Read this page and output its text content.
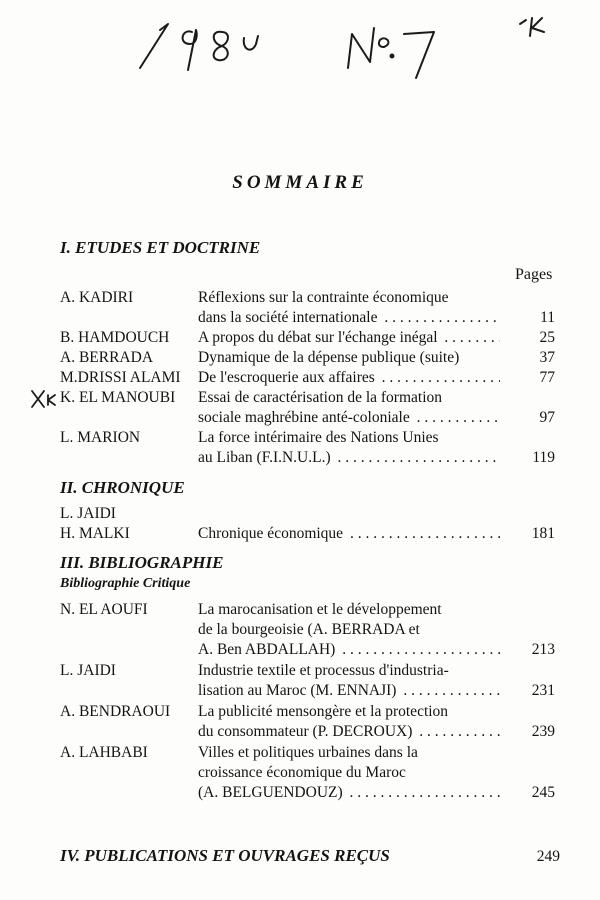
SOMMAIRE
I. ETUDES ET DOCTRINE
Pages
A. KADIRI	Réflexions sur la contrainte économique
dans la société internationale . . .	11
B. HAMDOUCH A propos du débat sur l'échange inégal . . .	25
A. BERRADA	Dynamique de la dépense publique (suite)	37
M.DRISSI ALAMI De l'escroquerie aux affaires . . .	77
K. EL MANOUBI Essai de caractérisation de la formation
sociale maghrébine anté-coloniale . . .	97
L. MARION	La force intérimaire des Nations Unies
au Liban (F.I.N.U.L.) . . .	119
II. CHRONIQUE
L. JAIDI
H. MALKI	Chronique économique . . .	181
III. BIBLIOGRAPHIE
Bibliographie Critique
N. EL AOUFI	La marocanisation et le développement
de la bourgeoisie (A. BERRADA et
A. Ben ABDALLAH) . . .	213
L. JAIDI	Industrie textile et processus d'industria-
lisation au Maroc (M. ENNAJI) . . .	231
A. BENDRAOUI La publicité mensongère et la protection
du consommateur (P. DECROUX) . . .	239
A. LAHBABI	Villes et politiques urbaines dans la
croissance économique du Maroc
(A. BELGUENDOUZ) . . .	245
IV. PUBLICATIONS ET OUVRAGES REÇUS	249
